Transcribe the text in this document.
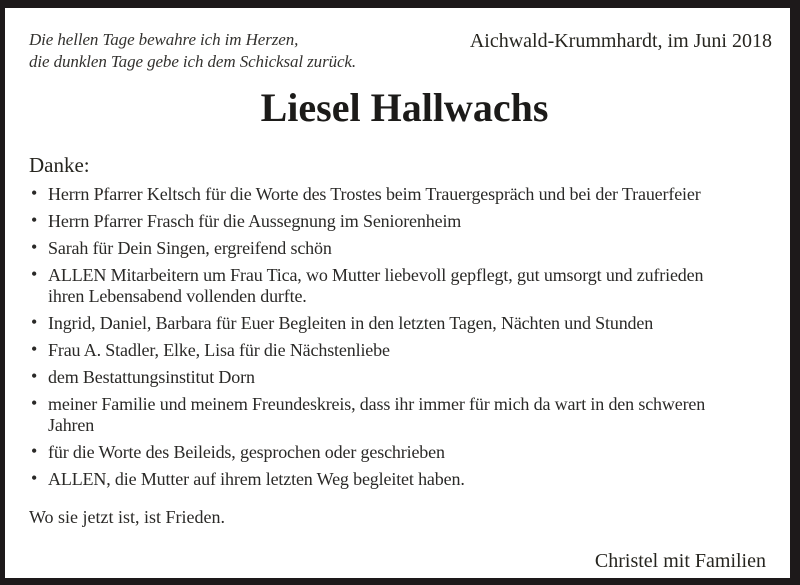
Die hellen Tage bewahre ich im Herzen,
die dunklen Tage gebe ich dem Schicksal zurück.
Aichwald-Krummhardt, im Juni 2018
Liesel Hallwachs
Danke:
• Herrn Pfarrer Keltsch für die Worte des Trostes beim Trauergespräch und bei der Trauerfeier
• Herrn Pfarrer Frasch für die Aussegnung im Seniorenheim
• Sarah für Dein Singen, ergreifend schön
• ALLEN Mitarbeitern um Frau Tica, wo Mutter liebevoll gepflegt, gut umsorgt und zufrieden ihren Lebensabend vollenden durfte.
• Ingrid, Daniel, Barbara für Euer Begleiten in den letzten Tagen, Nächten und Stunden
• Frau A. Stadler, Elke, Lisa für die Nächstenliebe
• dem Bestattungsinstitut Dorn
• meiner Familie und meinem Freundeskreis, dass ihr immer für mich da wart in den schweren Jahren
• für die Worte des Beileids, gesprochen oder geschrieben
• ALLEN, die Mutter auf ihrem letzten Weg begleitet haben.
Wo sie jetzt ist, ist Frieden.
Christel mit Familien
